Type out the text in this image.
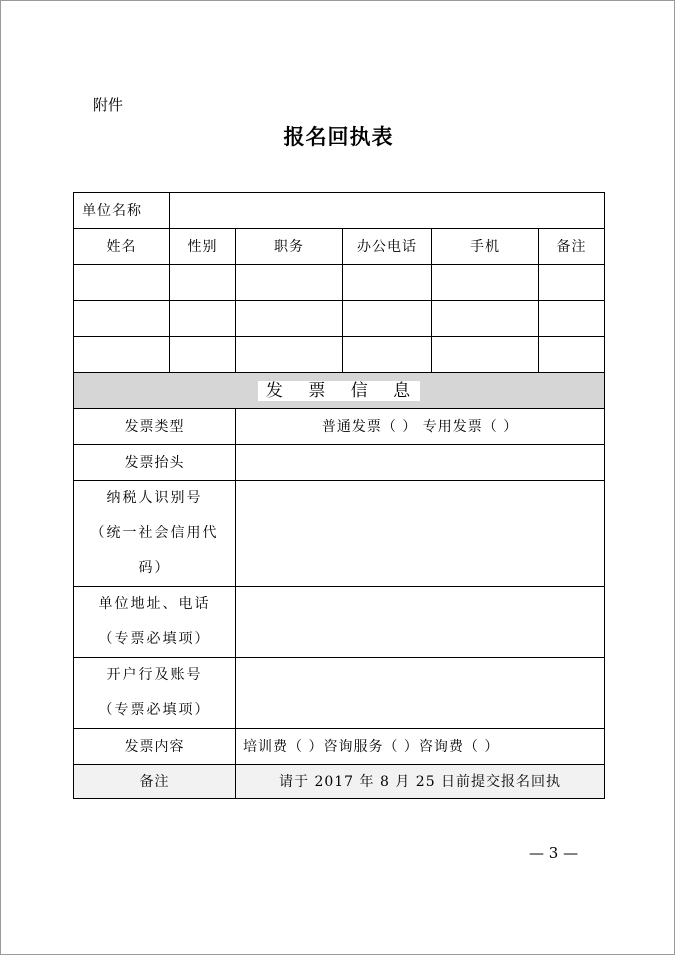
附件
报名回执表
单位名称					
姓名	性别	职务	办公电话	手机	备注

发 票 信 息					
发票类型		普通发票（ ） 专用发票（ ）			
发票抬头					

纳税人识别号
（统一社会信用代
码）					

单位地址、电话
（专票必填项）					

开户行及账号
（专票必填项）					

发票内容		培训费（ ）咨询服务（ ）咨询费（ ）			
备注		请于 2017 年 8 月 25 日前提交报名回执			
— 3 —
